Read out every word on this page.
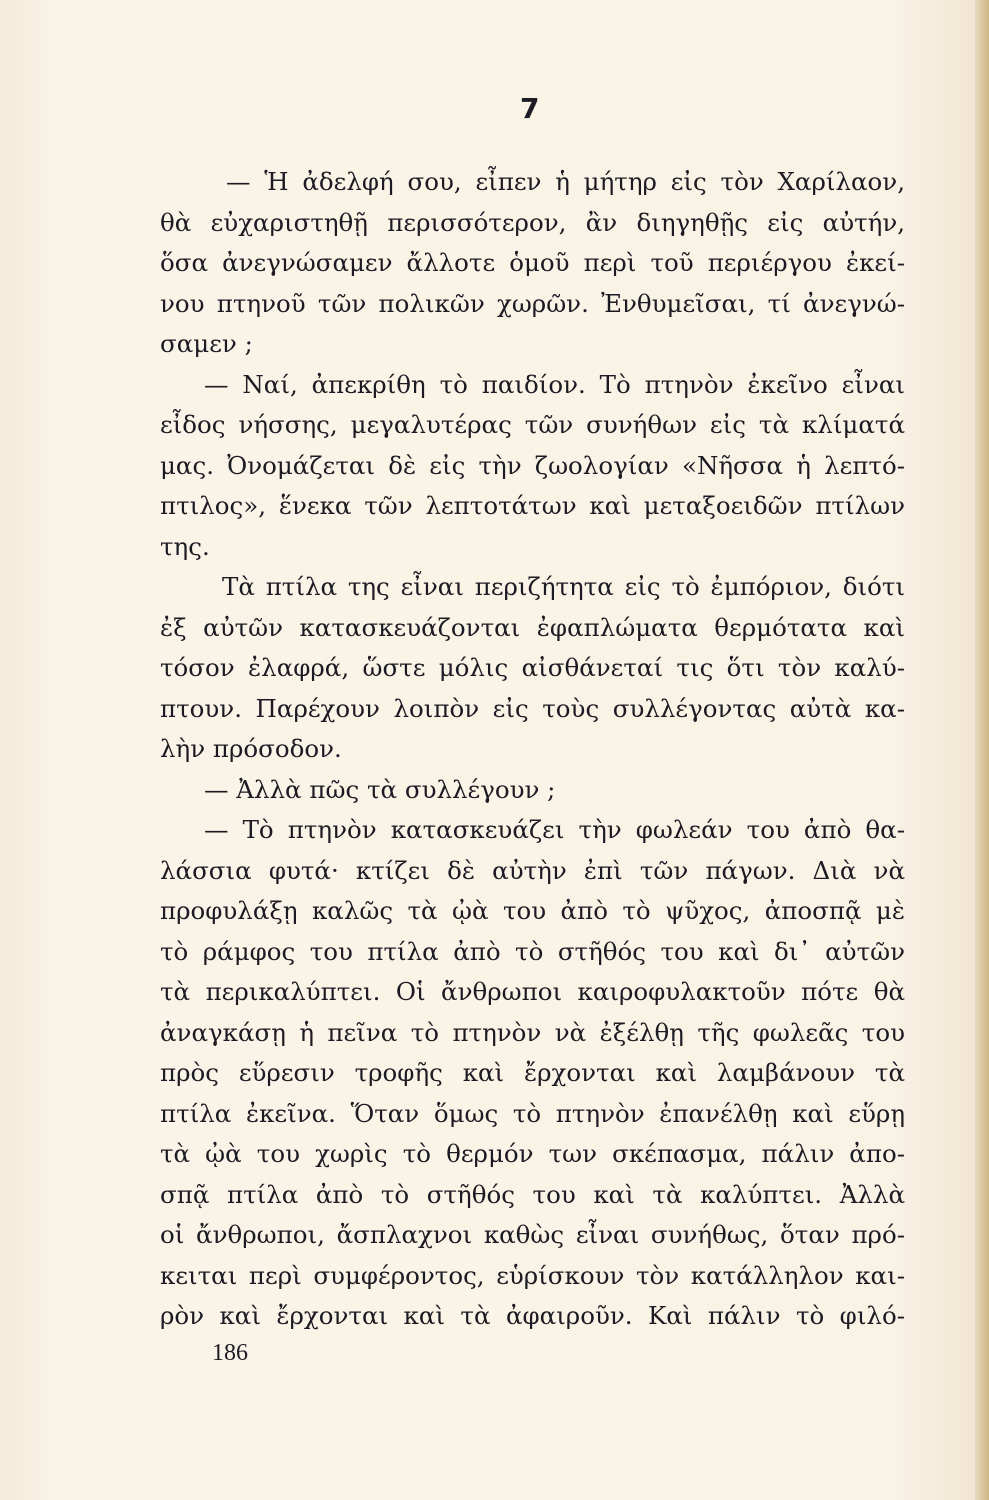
7
— Ἡ ἀδελφή σου, εἶπεν ἡ μήτηρ εἰς τὸν Χαρίλαον,
θὰ εὐχαριστηθῇ περισσότερον, ἂν διηγηθῇς εἰς αὐτήν,
ὅσα ἀνεγνώσαμεν ἄλλοτε ὁμοῦ περὶ τοῦ περιέργου ἐκεί-
νου πτηνοῦ τῶν πολικῶν χωρῶν. Ἐνθυμεῖσαι, τί ἀνεγνώ-
σαμεν ;
— Ναί, ἀπεκρίθη τὸ παιδίον. Τὸ πτηνὸν ἐκεῖνο εἶναι
εἶδος νήσσης, μεγαλυτέρας τῶν συνήθων εἰς τὰ κλίματά
μας. Ὀνομάζεται δὲ εἰς τὴν ζωολογίαν «Νῆσσα ἡ λεπτό-
πτιλος», ἕνεκα τῶν λεπτοτάτων καὶ μεταξοειδῶν πτίλων
της.
Τὰ πτίλα της εἶναι περιζήτητα εἰς τὸ ἐμπόριον, διότι
ἐξ αὐτῶν κατασκευάζονται ἐφαπλώματα θερμότατα καὶ
τόσον ἐλαφρά, ὥστε μόλις αἰσθάνεταί τις ὅτι τὸν καλύ-
πτουν. Παρέχουν λοιπὸν εἰς τοὺς συλλέγοντας αὐτὰ κα-
λὴν πρόσοδον.
— Ἀλλὰ πῶς τὰ συλλέγουν ;
— Τὸ πτηνὸν κατασκευάζει τὴν φωλεάν του ἀπὸ θα-
λάσσια φυτά· κτίζει δὲ αὐτὴν ἐπὶ τῶν πάγων. Διὰ νὰ
προφυλάξῃ καλῶς τὰ ᾠὰ του ἀπὸ τὸ ψῦχος, ἀποσπᾷ μὲ
τὸ ράμφος του πτίλα ἀπὸ τὸ στῆθός του καὶ δι᾽ αὐτῶν
τὰ περικαλύπτει. Οἱ ἄνθρωποι καιροφυλακτοῦν πότε θὰ
ἀναγκάσῃ ἡ πεῖνα τὸ πτηνὸν νὰ ἐξέλθῃ τῆς φωλεᾶς του
πρὸς εὕρεσιν τροφῆς καὶ ἔρχονται καὶ λαμβάνουν τὰ
πτίλα ἐκεῖνα. Ὅταν ὅμως τὸ πτηνὸν ἐπανέλθῃ καὶ εὕρῃ
τὰ ᾠὰ του χωρὶς τὸ θερμόν των σκέπασμα, πάλιν ἀπο-
σπᾷ πτίλα ἀπὸ τὸ στῆθός του καὶ τὰ καλύπτει. Ἀλλὰ
οἱ ἄνθρωποι, ἄσπλαχνοι καθὼς εἶναι συνήθως, ὅταν πρό-
κειται περὶ συμφέροντος, εὑρίσκουν τὸν κατάλληλον και-
ρὸν καὶ ἔρχονται καὶ τὰ ἀφαιροῦν. Καὶ πάλιν τὸ φιλό-
186
